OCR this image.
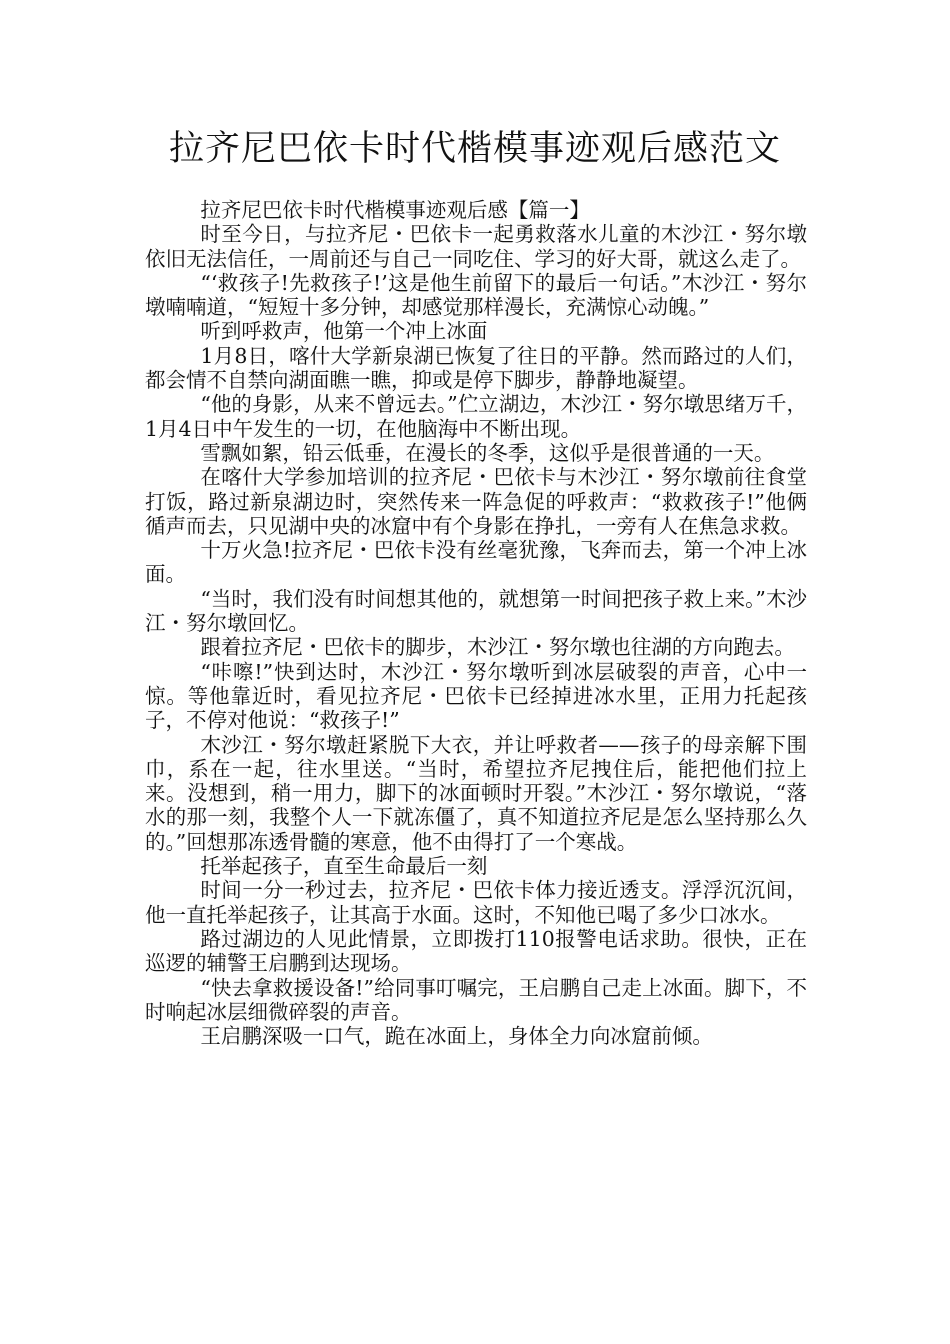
拉齐尼巴依卡时代楷模事迹观后感范文

拉齐尼巴依卡时代楷模事迹观后感【篇一】

时至今日，与拉齐尼・巴依卡一起勇救落水儿童的木沙江・努尔墩依旧无法信任，一周前还与自己一同吃住、学习的好大哥，就这么走了。

“‘救孩子!先救孩子!’这是他生前留下的最后一句话。”木沙江・努尔墩喃喃道，“短短十多分钟，却感觉那样漫长，充满惊心动魄。”

听到呼救声，他第一个冲上冰面

1月8日，喀什大学新泉湖已恢复了往日的平静。然而路过的人们，都会情不自禁向湖面瞧一瞧，抑或是停下脚步，静静地凝望。

“他的身影，从来不曾远去。”伫立湖边，木沙江・努尔墩思绪万千，1月4日中午发生的一切，在他脑海中不断出现。

雪飘如絮，铅云低垂，在漫长的冬季，这似乎是很普通的一天。

在喀什大学参加培训的拉齐尼・巴依卡与木沙江・努尔墩前往食堂打饭，路过新泉湖边时，突然传来一阵急促的呼救声：“救救孩子!”他俩循声而去，只见湖中央的冰窟中有个身影在挣扎，一旁有人在焦急求救。

十万火急!拉齐尼・巴依卡没有丝毫犹豫，飞奔而去，第一个冲上冰面。

“当时，我们没有时间想其他的，就想第一时间把孩子救上来。”木沙江・努尔墩回忆。

跟着拉齐尼・巴依卡的脚步，木沙江・努尔墩也往湖的方向跑去。

“咔嚓!”快到达时，木沙江・努尔墩听到冰层破裂的声音，心中一惊。等他靠近时，看见拉齐尼・巴依卡已经掉进冰水里，正用力托起孩子，不停对他说：“救孩子!”

木沙江・努尔墩赶紧脱下大衣，并让呼救者——孩子的母亲解下围巾，系在一起，往水里送。“当时，希望拉齐尼拽住后，能把他们拉上来。没想到，稍一用力，脚下的冰面顿时开裂。”木沙江・努尔墩说，“落水的那一刻，我整个人一下就冻僵了，真不知道拉齐尼是怎么坚持那么久的。”回想那冻透骨髓的寒意，他不由得打了一个寒战。

托举起孩子，直至生命最后一刻

时间一分一秒过去，拉齐尼・巴依卡体力接近透支。浮浮沉沉间，他一直托举起孩子，让其高于水面。这时，不知他已喝了多少口冰水。

路过湖边的人见此情景，立即拨打110报警电话求助。很快，正在巡逻的辅警王启鹏到达现场。

“快去拿救援设备!”给同事叮嘱完，王启鹏自己走上冰面。脚下，不时响起冰层细微碎裂的声音。

王启鹏深吸一口气，跪在冰面上，身体全力向冰窟前倾。
